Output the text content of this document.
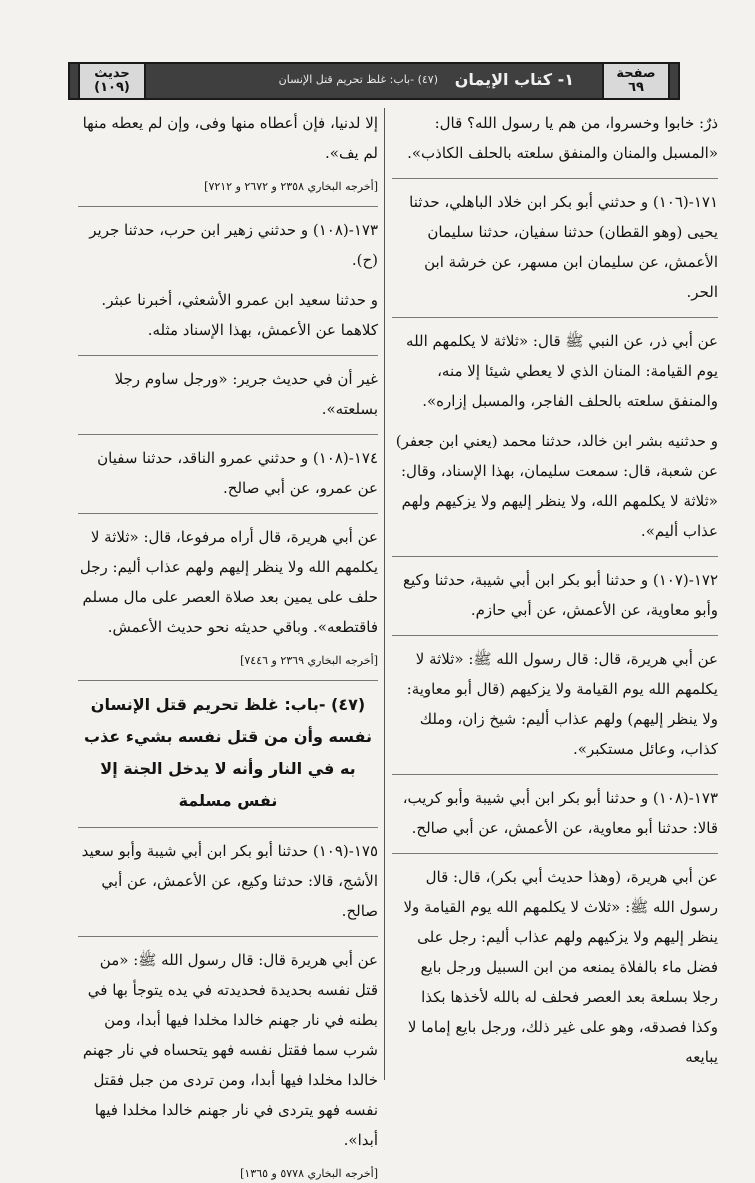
صفحة
٦٩
١- كتاب الإيمان
(٤٧) -باب: غلظ تحريم قتل الإنسان
حديث
(١٠٩)

ذرٌ: خابوا وخسروا، من هم يا رسول الله؟ قال: «المسبل والمنان والمنفق سلعته بالحلف الكاذب».

١٧١-(١٠٦) و حدثني أبو بكر ابن خلاد الباهلي، حدثنا يحيى (وهو القطان) حدثنا سفيان، حدثنا سليمان الأعمش، عن سليمان ابن مسهر، عن خرشة ابن الحر.

عن أبي ذر، عن النبي ﷺ قال: «ثلاثة لا يكلمهم الله يوم القيامة: المنان الذي لا يعطي شيئا إلا منه، والمنفق سلعته بالحلف الفاجر، والمسبل إزاره».

و حدثنيه بشر ابن خالد، حدثنا محمد (يعني ابن جعفر) عن شعبة، قال: سمعت سليمان، بهذا الإسناد، وقال: «ثلاثة لا يكلمهم الله، ولا ينظر إليهم ولا يزكيهم ولهم عذاب أليم».

١٧٢-(١٠٧) و حدثنا أبو بكر ابن أبي شيبة، حدثنا وكيع وأبو معاوية، عن الأعمش، عن أبي حازم.

عن أبي هريرة، قال: قال رسول الله ﷺ: «ثلاثة لا يكلمهم الله يوم القيامة ولا يزكيهم (قال أبو معاوية: ولا ينظر إليهم) ولهم عذاب أليم: شيخ زان، وملك كذاب، وعائل مستكبر».

١٧٣-(١٠٨) و حدثنا أبو بكر ابن أبي شيبة وأبو كريب، قالا: حدثنا أبو معاوية، عن الأعمش، عن أبي صالح.

عن أبي هريرة، (وهذا حديث أبي بكر)، قال: قال رسول الله ﷺ: «ثلاث لا يكلمهم الله يوم القيامة ولا ينظر إليهم ولا يزكيهم ولهم عذاب أليم: رجل على فضل ماء بالفلاة يمنعه من ابن السبيل ورجل بايع رجلا بسلعة بعد العصر فحلف له بالله لأخذها بكذا وكذا فصدقه، وهو على غير ذلك، ورجل بايع إماما لا يبايعه

إلا لدنيا، فإن أعطاه منها وفى، وإن لم يعطه منها لم يف».

[أخرجه البخاري ٢٣٥٨ و ٢٦٧٢ و ٧٢١٢]

١٧٣-(١٠٨) و حدثني زهير ابن حرب، حدثنا جرير (ح).

و حدثنا سعيد ابن عمرو الأشعثي، أخبرنا عبثر. كلاهما عن الأعمش، بهذا الإسناد مثله.

غير أن في حديث جرير: «ورجل ساوم رجلا بسلعته».

١٧٤-(١٠٨) و حدثني عمرو الناقد، حدثنا سفيان عن عمرو، عن أبي صالح.

عن أبي هريرة، قال أراه مرفوعا، قال: «ثلاثة لا يكلمهم الله ولا ينظر إليهم ولهم عذاب أليم: رجل حلف على يمين بعد صلاة العصر على مال مسلم فاقتطعه». وباقي حديثه نحو حديث الأعمش.

[أخرجه البخاري ٢٣٦٩ و ٧٤٤٦]

(٤٧) -باب: غلظ تحريم قتل الإنسان نفسه وأن من قتل نفسه بشيء عذب به في النار وأنه لا يدخل الجنة إلا نفس مسلمة

١٧٥-(١٠٩) حدثنا أبو بكر ابن أبي شيبة وأبو سعيد الأشج، قالا: حدثنا وكيع، عن الأعمش، عن أبي صالح.

عن أبي هريرة قال: قال رسول الله ﷺ: «من قتل نفسه بحديدة فحديدته في يده يتوجأ بها في بطنه في نار جهنم خالدا مخلدا فيها أبدا، ومن شرب سما فقتل نفسه فهو يتحساه في نار جهنم خالدا مخلدا فيها أبدا، ومن تردى من جبل فقتل نفسه فهو يتردى في نار جهنم خالدا مخلدا فيها أبدا».

[أخرجه البخاري ٥٧٧٨ و ١٣٦٥]
